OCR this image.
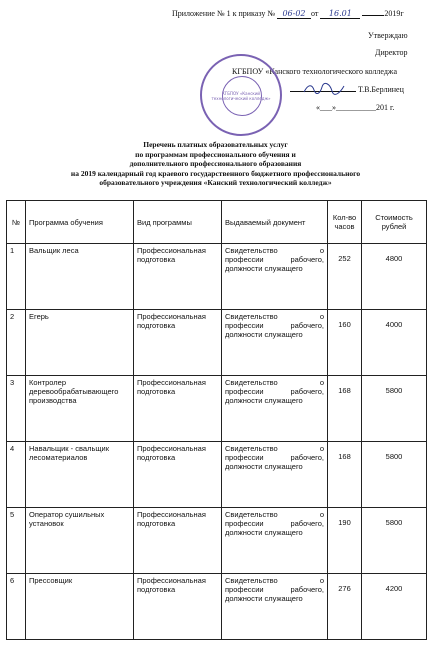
Приложение № 1 к приказу № 06-02 от 16.01	2019г
Утверждаю
Директор
КГБПОУ «Канского технологического колледжа
Т.В.Берлинец
«___»__________201 г.
КГБПОУ «Канский технологический колледж»
Перечень платных образовательных услуг
по программам профессионального обучения и
дополнительного профессионального образования
на 2019 календарный год краевого государственного бюджетного профессионального
образовательного учреждения «Канский технологический колледж»
№	Программа обучения	Вид программы	Выдаваемый документ	Кол-во часов	Стоимость рублей
1	Вальщик леса	Профессиональная подготовка	Свидетельство о профессии рабочего, должности служащего	252	4800
2	Егерь	Профессиональная подготовка	Свидетельство о профессии рабочего, должности служащего	160	4000
3	Контролер деревообрабатывающего производства	Профессиональная подготовка	Свидетельство о профессии рабочего, должности служащего	168	5800
4	Навальщик - свальщик лесоматериалов	Профессиональная подготовка	Свидетельство о профессии рабочего, должности служащего	168	5800
5	Оператор сушильных установок	Профессиональная подготовка	Свидетельство о профессии рабочего, должности служащего	190	5800
6	Прессовщик	Профессиональная подготовка	Свидетельство о профессии рабочего, должности служащего	276	4200
